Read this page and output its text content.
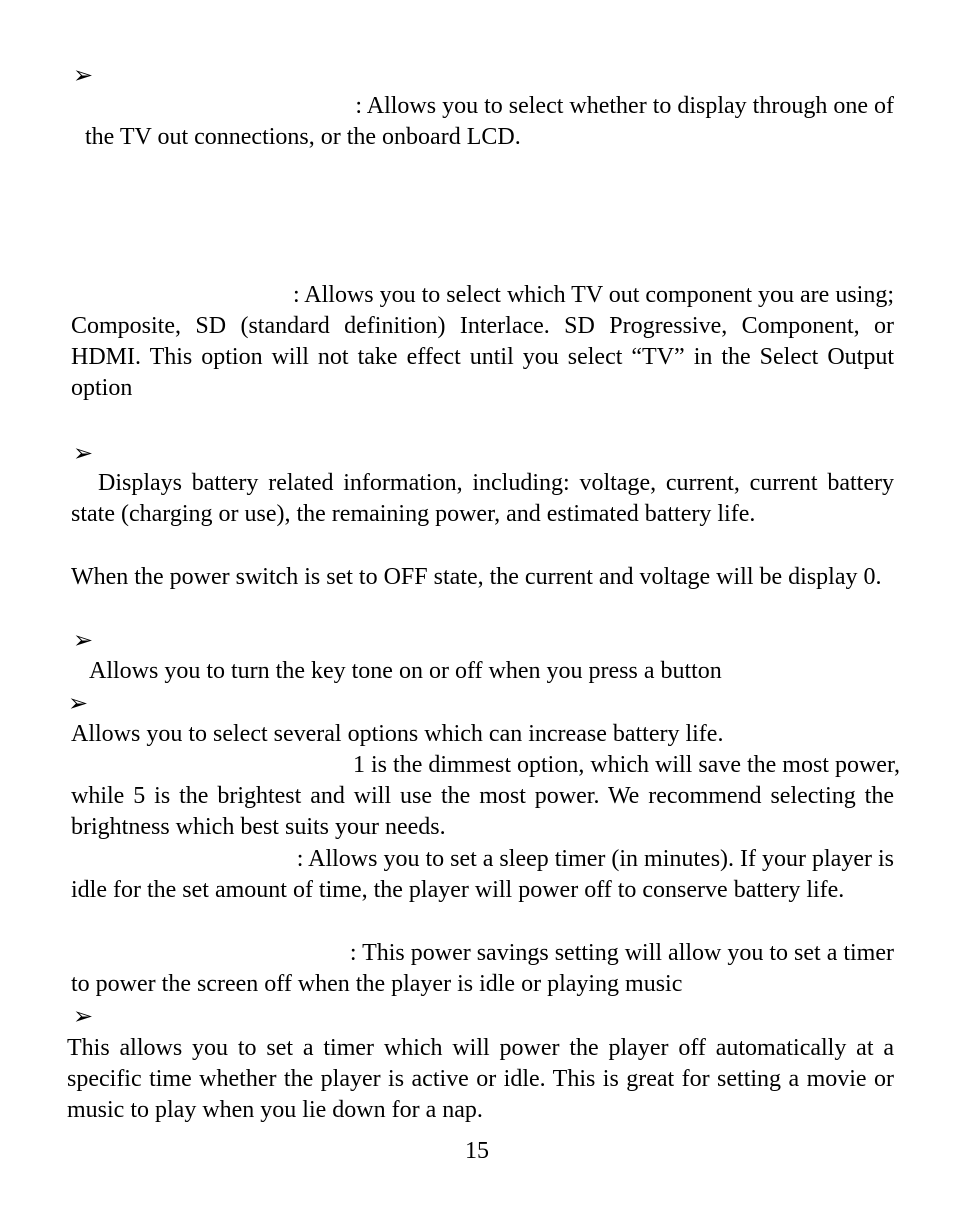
➢

: Allows you to select whether to display through one of

the TV out connections, or the onboard LCD.

: Allows you to select which TV out component you are using;

Composite, SD (standard definition) Interlace. SD Progressive, Component, or HDMI. This option will not take effect until you select “TV” in the Select Output option

➢

Displays battery related information, including: voltage, current, current battery state (charging or use), the remaining power, and estimated battery life.

When the power switch is set to OFF state, the current and voltage will be display 0.

➢

Allows you to turn the key tone on or off when you press a button

➢

Allows you to select several options which can increase battery life.

1 is the dimmest option, which will save the most power,

while 5 is the brightest and will use the most power. We recommend selecting the brightness which best suits your needs.

: Allows you to set a sleep timer (in minutes). If your player is

idle for the set amount of time, the player will power off to conserve battery life.

: This power savings setting will allow you to set a timer

to power the screen off when the player is idle or playing music

➢

This allows you to set a timer which will power the player off automatically at a specific time whether the player is active or idle. This is great for setting a movie or music to play when you lie down for a nap.

15
